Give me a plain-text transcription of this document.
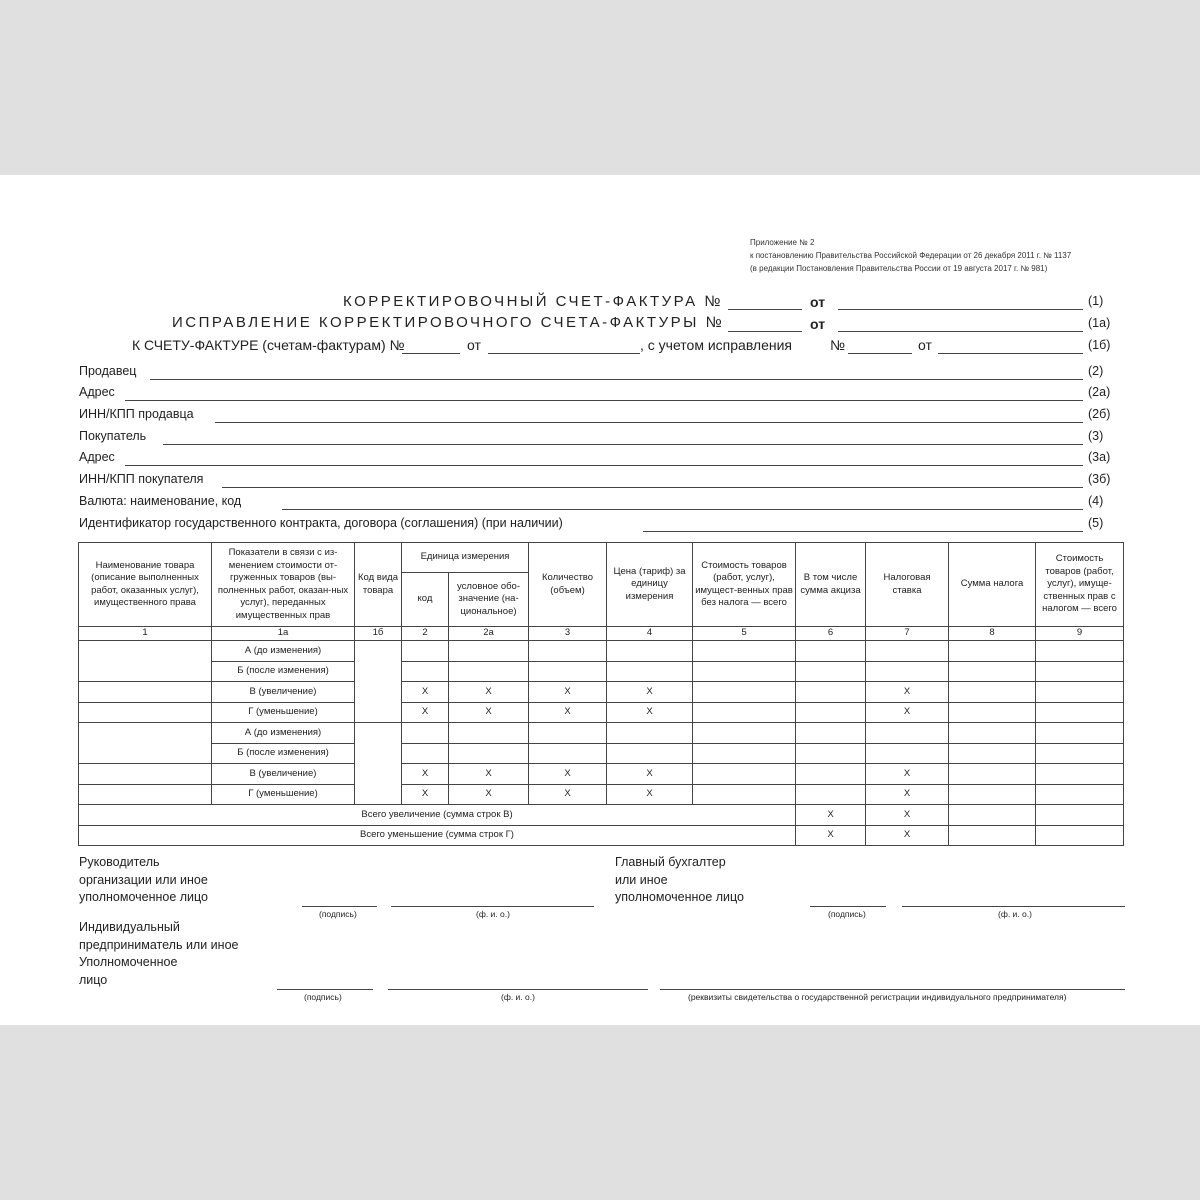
Приложение № 2
к постановлению Правительства Российской Федерации от 26 декабря 2011 г. № 1137
(в редакции Постановления Правительства России от 19 августа 2017 г. № 981)
КОРРЕКТИРОВОЧНЫЙ СЧЕТ-ФАКТУРА №	от	(1)
ИСПРАВЛЕНИЕ КОРРЕКТИРОВОЧНОГО СЧЕТА-ФАКТУРЫ №	от	(1а)
К СЧЕТУ-ФАКТУРЕ (счетам-фактурам) №	от	, с учетом исправления	№	от	(1б)
Продавец	(2)
Адрес	(2а)
ИНН/КПП продавца	(2б)
Покупатель	(3)
Адрес	(3а)
ИНН/КПП покупателя	(3б)
Валюта: наименование, код	(4)
Идентификатор государственного контракта, договора (соглашения) (при наличии)	(5)
Наименование товара (описание выполненных работ, оказанных услуг), имущественного права	Показатели в связи с из-менением стоимости от-груженных товаров (вы-полненных работ, оказан-ных услуг), переданных имущественных прав	Код вида товара	Единица измерения		Количество (объем)	Цена (тариф) за единицу измерения	Стоимость товаров (работ, услуг), имущест-венных прав без налога — всего	В том числе сумма акциза	Налоговая ставка	Сумма налога	Стоимость товаров (работ, услуг), имуще-ственных прав с налогом — всего
			код	условное обо-значение (на-циональное)							
1	1а	1б	2	2а	3	4	5	6	7	8	9
	А (до изменения)										
	Б (после изменения)										
	В (увеличение)		Х	Х	Х	Х			Х		
	Г (уменьшение)		Х	Х	Х	Х			Х		
	А (до изменения)										
	Б (после изменения)										
	В (увеличение)		Х	Х	Х	Х			Х		
	Г (уменьшение)		Х	Х	Х	Х			Х		
Всего увеличение (сумма строк В)								Х	Х		
Всего уменьшение (сумма строк Г)								Х	Х		
Руководитель
организации или иное
уполномоченное лицо
(подпись)	(ф. и. о.)
Главный бухгалтер
или иное
уполномоченное лицо
(подпись)	(ф. и. о.)
Индивидуальный
предприниматель или иное
Уполномоченное
лицо
(подпись)	(ф. и. о.)	(реквизиты свидетельства о государственной регистрации индивидуального предпринимателя)
